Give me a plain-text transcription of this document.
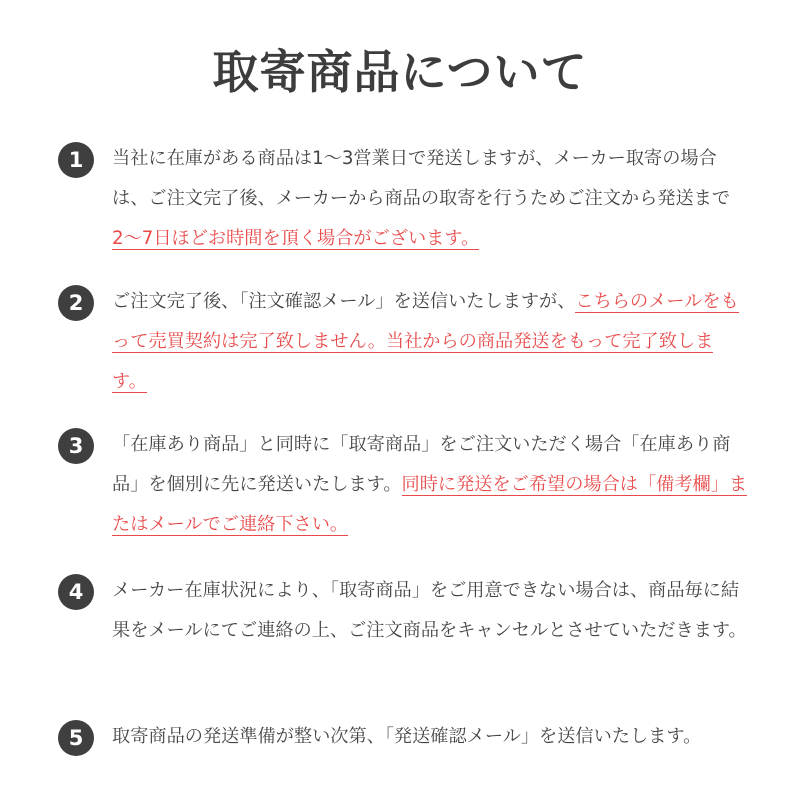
取寄商品について
1	当社に在庫がある商品は1〜3営業日で発送しますが、メーカー取寄の場合は、ご注文完了後、メーカーから商品の取寄を行うためご注文から発送まで2〜7日ほどお時間を頂く場合がございます。
2	ご注文完了後、「注文確認メール」を送信いたしますが、こちらのメールをもって売買契約は完了致しません。当社からの商品発送をもって完了致します。
3	「在庫あり商品」と同時に「取寄商品」をご注文いただく場合「在庫あり商品」を個別に先に発送いたします。同時に発送をご希望の場合は「備考欄」またはメールでご連絡下さい。
4	メーカー在庫状況により、「取寄商品」をご用意できない場合は、商品毎に結果をメールにてご連絡の上、ご注文商品をキャンセルとさせていただきます。
5	取寄商品の発送準備が整い次第、「発送確認メール」を送信いたします。
